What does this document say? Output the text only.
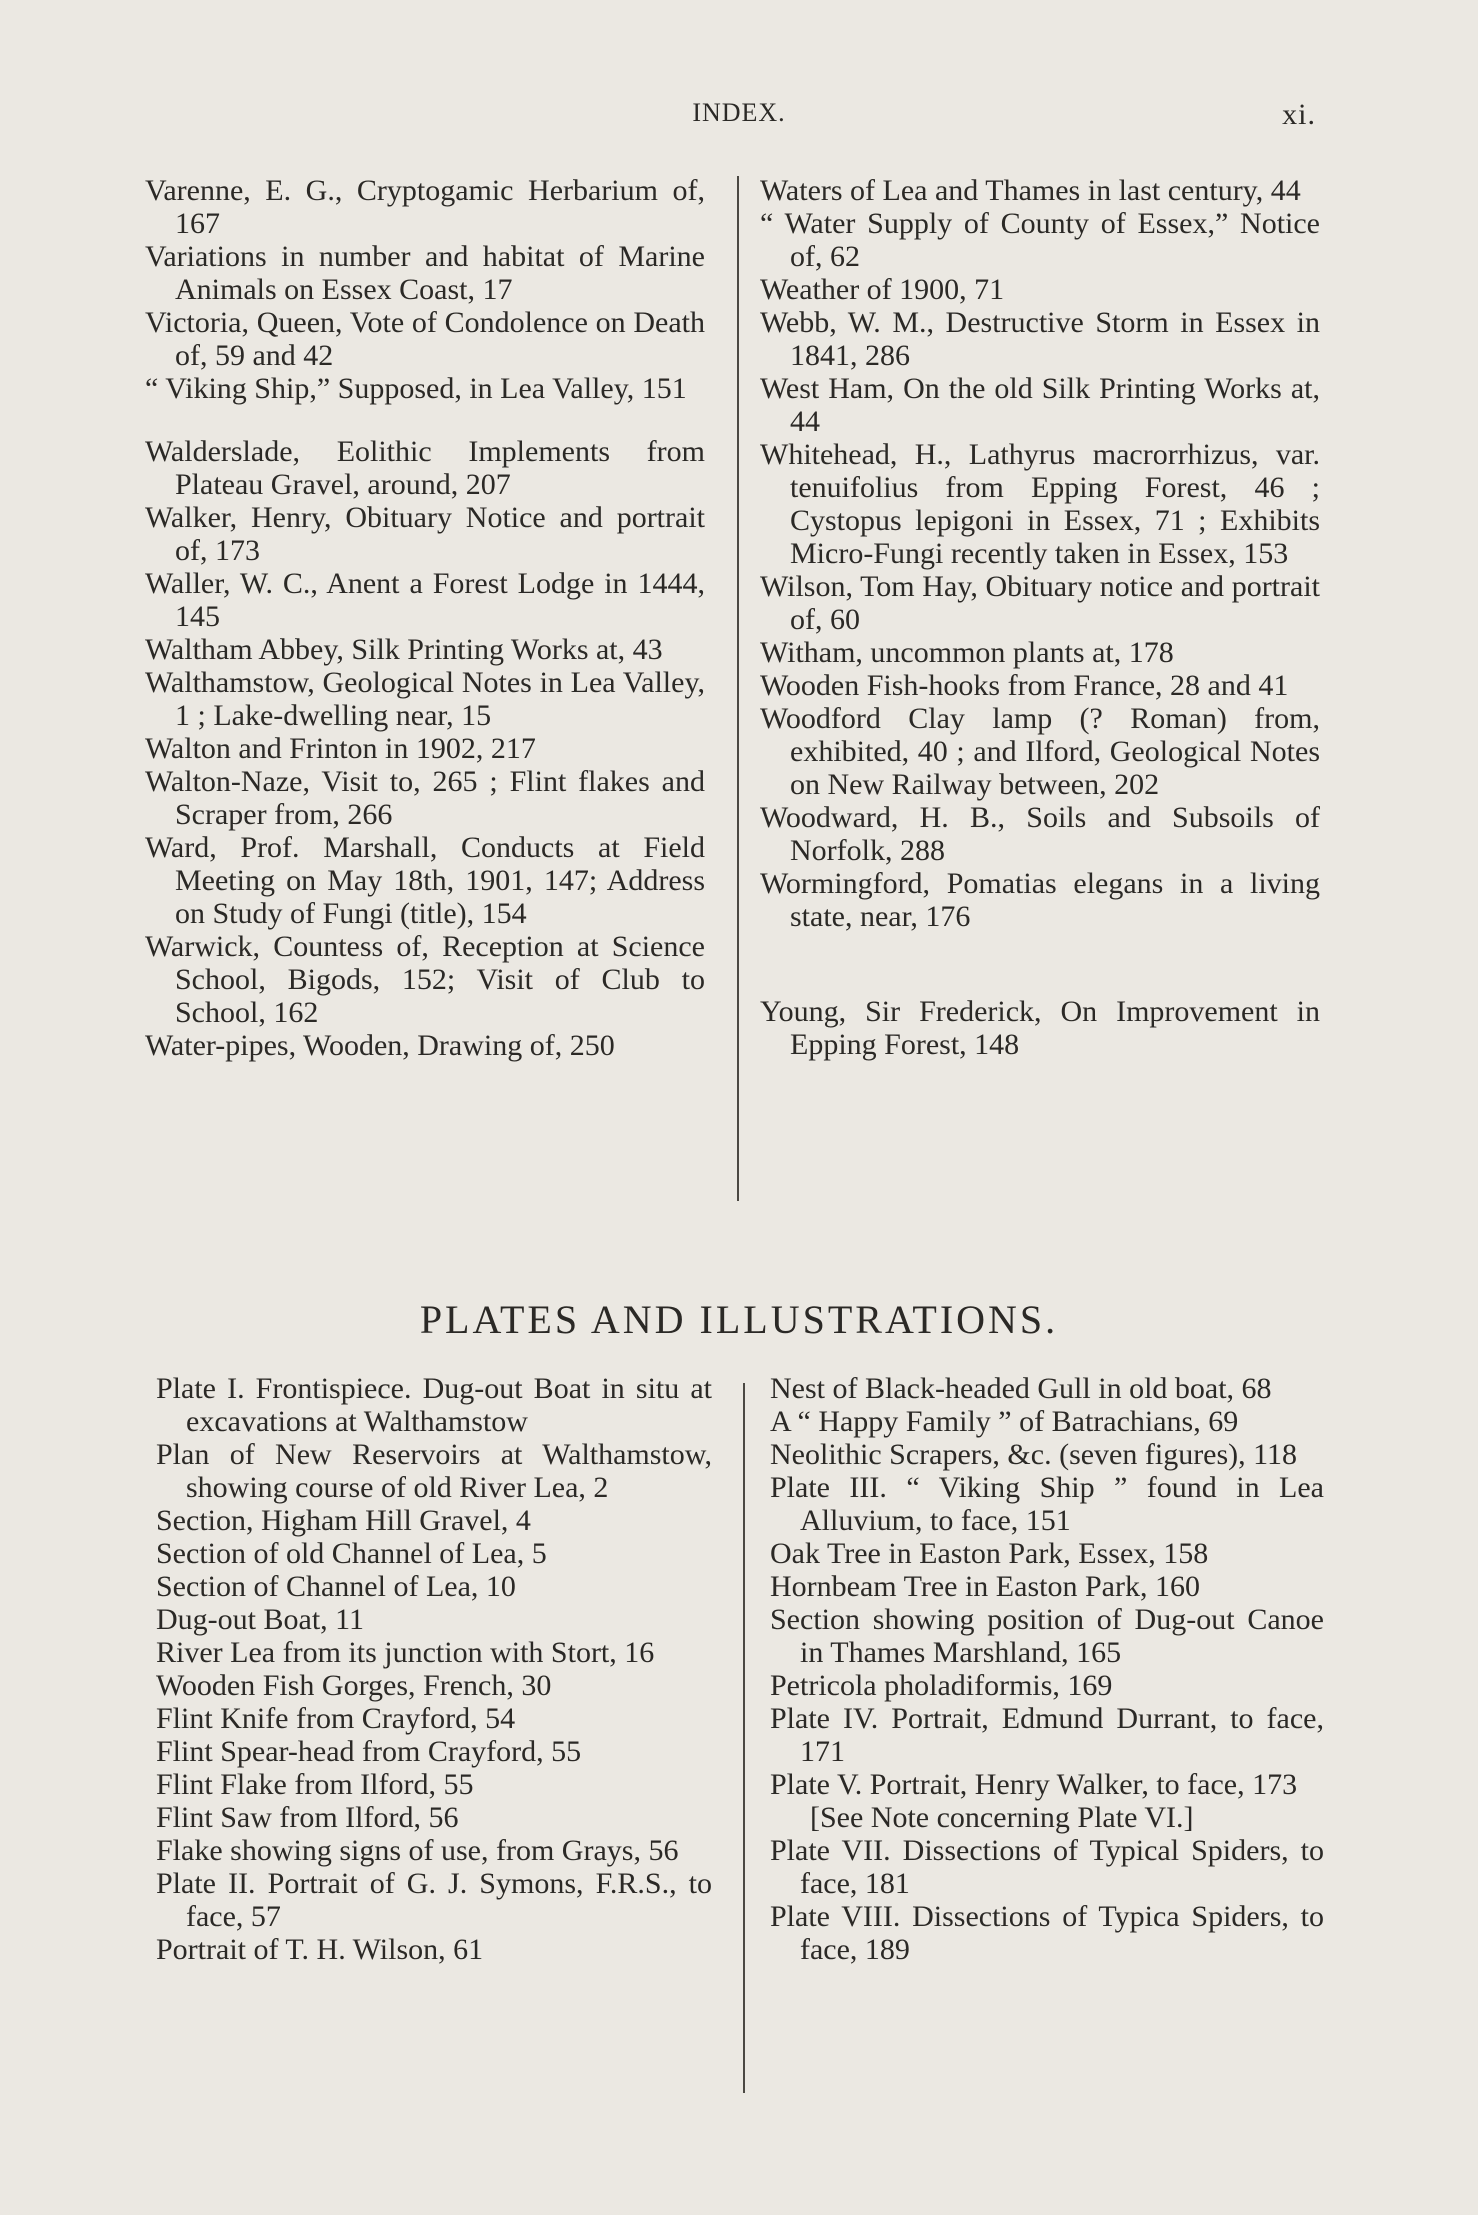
INDEX.	xi.

Varenne, E. G., Cryptogamic Herbarium of, 167

Variations in number and habitat of Marine Animals on Essex Coast, 17

Victoria, Queen, Vote of Condolence on Death of, 59 and 42

“ Viking Ship,” Supposed, in Lea Valley, 151

Walderslade, Eolithic Implements from Plateau Gravel, around, 207

Walker, Henry, Obituary Notice and portrait of, 173

Waller, W. C., Anent a Forest Lodge in 1444, 145

Waltham Abbey, Silk Printing Works at, 43

Walthamstow, Geological Notes in Lea Valley, 1 ; Lake-dwelling near, 15

Walton and Frinton in 1902, 217

Walton-Naze, Visit to, 265 ; Flint flakes and Scraper from, 266

Ward, Prof. Marshall, Conducts at Field Meeting on May 18th, 1901, 147; Address on Study of Fungi (title), 154

Warwick, Countess of, Reception at Science School, Bigods, 152; Visit of Club to School, 162

Water-pipes, Wooden, Drawing of, 250

Waters of Lea and Thames in last century, 44

“ Water Supply of County of Essex,” Notice of, 62

Weather of 1900, 71

Webb, W. M., Destructive Storm in Essex in 1841, 286

West Ham, On the old Silk Printing Works at, 44

Whitehead, H., Lathyrus macrorrhizus, var. tenuifolius from Epping Forest, 46 ; Cystopus lepigoni in Essex, 71 ; Exhibits Micro-Fungi recently taken in Essex, 153

Wilson, Tom Hay, Obituary notice and portrait of, 60

Witham, uncommon plants at, 178

Wooden Fish-hooks from France, 28 and 41

Woodford Clay lamp (? Roman) from, exhibited, 40 ; and Ilford, Geological Notes on New Railway between, 202

Woodward, H. B., Soils and Subsoils of Norfolk, 288

Wormingford, Pomatias elegans in a living state, near, 176

Young, Sir Frederick, On Improvement in Epping Forest, 148

PLATES AND ILLUSTRATIONS.

Plate I. Frontispiece. Dug-out Boat in situ at excavations at Walthamstow

Plan of New Reservoirs at Walthamstow, showing course of old River Lea, 2

Section, Higham Hill Gravel, 4

Section of old Channel of Lea, 5

Section of Channel of Lea, 10

Dug-out Boat, 11

River Lea from its junction with Stort, 16

Wooden Fish Gorges, French, 30

Flint Knife from Crayford, 54

Flint Spear-head from Crayford, 55

Flint Flake from Ilford, 55

Flint Saw from Ilford, 56

Flake showing signs of use, from Grays, 56

Plate II. Portrait of G. J. Symons, F.R.S., to face, 57

Portrait of T. H. Wilson, 61

Nest of Black-headed Gull in old boat, 68

A “ Happy Family ” of Batrachians, 69

Neolithic Scrapers, &c. (seven figures), 118

Plate III. “ Viking Ship ” found in Lea Alluvium, to face, 151

Oak Tree in Easton Park, Essex, 158

Hornbeam Tree in Easton Park, 160

Section showing position of Dug-out Canoe in Thames Marshland, 165

Petricola pholadiformis, 169

Plate IV. Portrait, Edmund Durrant, to face, 171

Plate V. Portrait, Henry Walker, to face, 173

[See Note concerning Plate VI.]

Plate VII. Dissections of Typical Spiders, to face, 181

Plate VIII. Dissections of Typica Spiders, to face, 189
